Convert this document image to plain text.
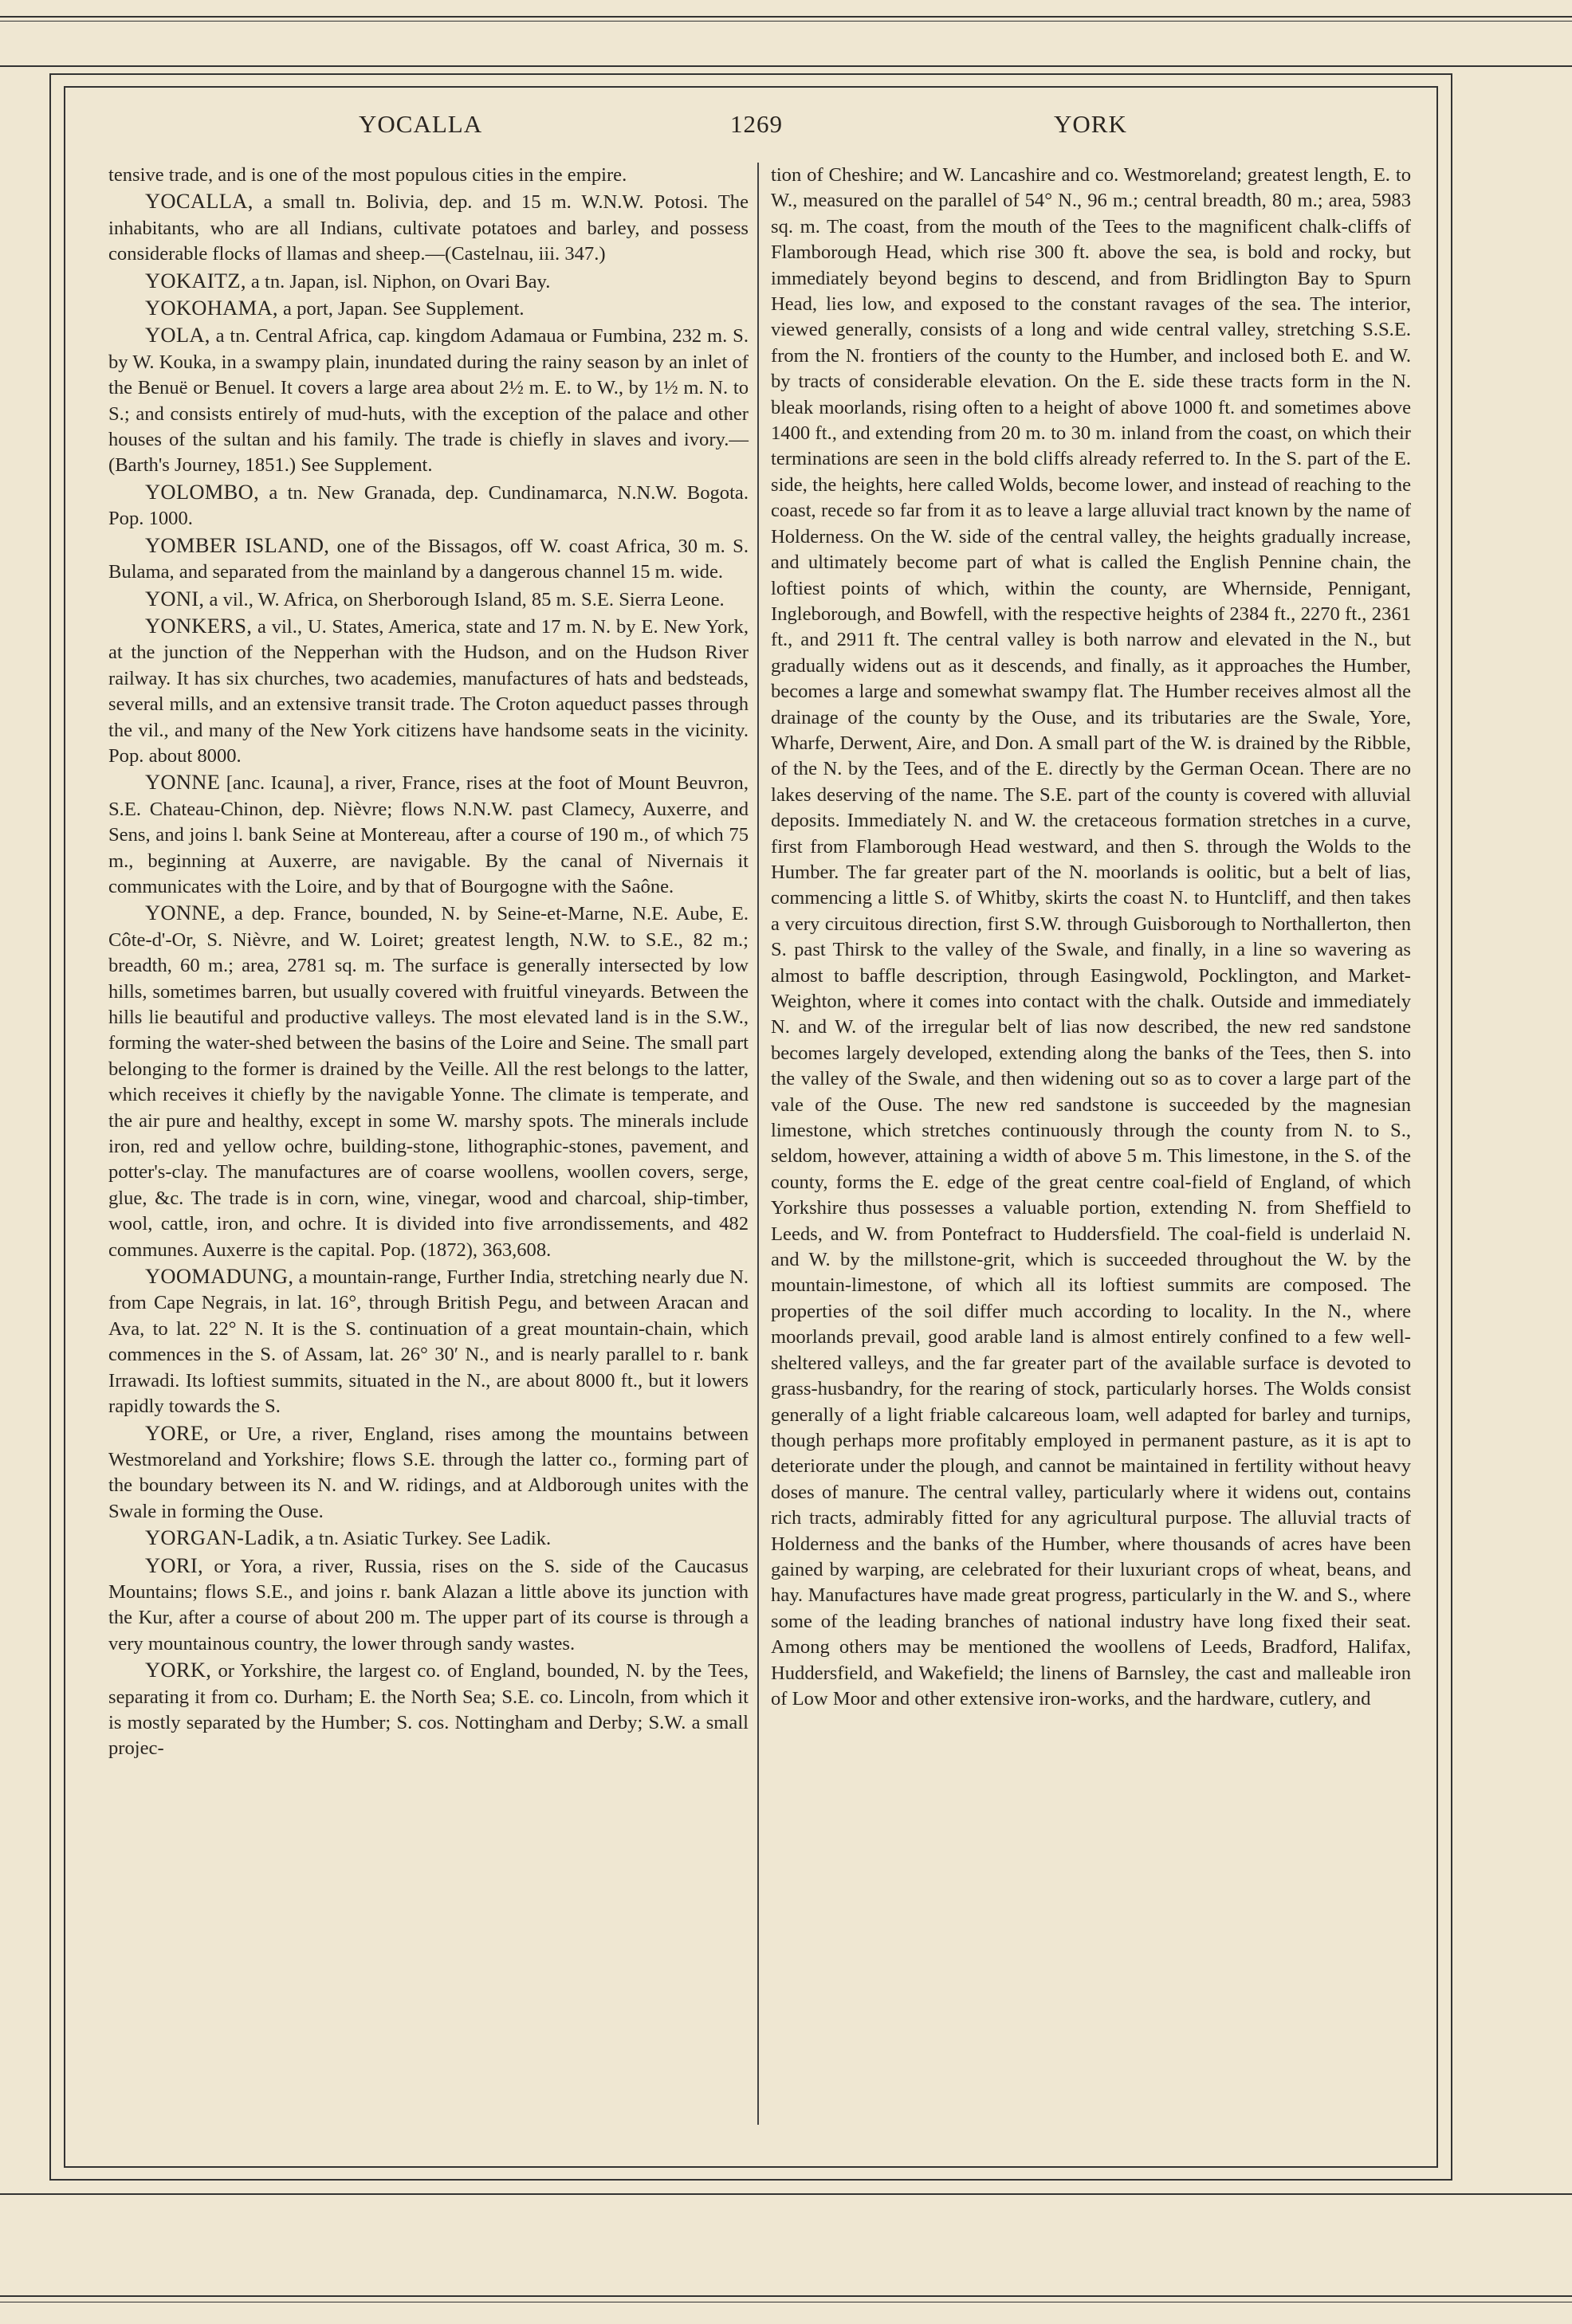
YOCALLA	1269	YORK

tensive trade, and is one of the most populous cities in the empire.

YOCALLA, a small tn. Bolivia, dep. and 15 m. W.N.W. Potosi. The inhabitants, who are all Indians, cultivate potatoes and barley, and possess considerable flocks of llamas and sheep.—(Castelnau, iii. 347.)

YOKAITZ, a tn. Japan, isl. Niphon, on Ovari Bay.

YOKOHAMA, a port, Japan. See Supplement.

YOLA, a tn. Central Africa, cap. kingdom Adamaua or Fumbina, 232 m. S. by W. Kouka, in a swampy plain, inundated during the rainy season by an inlet of the Benuë or Benuel. It covers a large area about 2½ m. E. to W., by 1½ m. N. to S.; and consists entirely of mud-huts, with the exception of the palace and other houses of the sultan and his family. The trade is chiefly in slaves and ivory.—(Barth's Journey, 1851.) See Supplement.

YOLOMBO, a tn. New Granada, dep. Cundinamarca, N.N.W. Bogota. Pop. 1000.

YOMBER ISLAND, one of the Bissagos, off W. coast Africa, 30 m. S. Bulama, and separated from the mainland by a dangerous channel 15 m. wide.

YONI, a vil., W. Africa, on Sherborough Island, 85 m. S.E. Sierra Leone.

YONKERS, a vil., U. States, America, state and 17 m. N. by E. New York, at the junction of the Nepperhan with the Hudson, and on the Hudson River railway. It has six churches, two academies, manufactures of hats and bedsteads, several mills, and an extensive transit trade. The Croton aqueduct passes through the vil., and many of the New York citizens have handsome seats in the vicinity. Pop. about 8000.

YONNE [anc. Icauna], a river, France, rises at the foot of Mount Beuvron, S.E. Chateau-Chinon, dep. Nièvre; flows N.N.W. past Clamecy, Auxerre, and Sens, and joins l. bank Seine at Montereau, after a course of 190 m., of which 75 m., beginning at Auxerre, are navigable. By the canal of Nivernais it communicates with the Loire, and by that of Bourgogne with the Saône.

YONNE, a dep. France, bounded, N. by Seine-et-Marne, N.E. Aube, E. Côte-d'-Or, S. Nièvre, and W. Loiret; greatest length, N.W. to S.E., 82 m.; breadth, 60 m.; area, 2781 sq. m. The surface is generally intersected by low hills, sometimes barren, but usually covered with fruitful vineyards. Between the hills lie beautiful and productive valleys. The most elevated land is in the S.W., forming the water-shed between the basins of the Loire and Seine. The small part belonging to the former is drained by the Veille. All the rest belongs to the latter, which receives it chiefly by the navigable Yonne. The climate is temperate, and the air pure and healthy, except in some W. marshy spots. The minerals include iron, red and yellow ochre, building-stone, lithographic-stones, pavement, and potter's-clay. The manufactures are of coarse woollens, woollen covers, serge, glue, &c. The trade is in corn, wine, vinegar, wood and charcoal, ship-timber, wool, cattle, iron, and ochre. It is divided into five arrondissements, and 482 communes. Auxerre is the capital. Pop. (1872), 363,608.

YOOMADUNG, a mountain-range, Further India, stretching nearly due N. from Cape Negrais, in lat. 16°, through British Pegu, and between Aracan and Ava, to lat. 22° N. It is the S. continuation of a great mountain-chain, which commences in the S. of Assam, lat. 26° 30′ N., and is nearly parallel to r. bank Irrawadi. Its loftiest summits, situated in the N., are about 8000 ft., but it lowers rapidly towards the S.

YORE, or Ure, a river, England, rises among the mountains between Westmoreland and Yorkshire; flows S.E. through the latter co., forming part of the boundary between its N. and W. ridings, and at Aldborough unites with the Swale in forming the Ouse.

YORGAN-Ladik, a tn. Asiatic Turkey. See Ladik.

YORI, or Yora, a river, Russia, rises on the S. side of the Caucasus Mountains; flows S.E., and joins r. bank Alazan a little above its junction with the Kur, after a course of about 200 m. The upper part of its course is through a very mountainous country, the lower through sandy wastes.

YORK, or Yorkshire, the largest co. of England, bounded, N. by the Tees, separating it from co. Durham; E. the North Sea; S.E. co. Lincoln, from which it is mostly separated by the Humber; S. cos. Nottingham and Derby; S.W. a small projec-

tion of Cheshire; and W. Lancashire and co. Westmoreland; greatest length, E. to W., measured on the parallel of 54° N., 96 m.; central breadth, 80 m.; area, 5983 sq. m. The coast, from the mouth of the Tees to the magnificent chalk-cliffs of Flamborough Head, which rise 300 ft. above the sea, is bold and rocky, but immediately beyond begins to descend, and from Bridlington Bay to Spurn Head, lies low, and exposed to the constant ravages of the sea. The interior, viewed generally, consists of a long and wide central valley, stretching S.S.E. from the N. frontiers of the county to the Humber, and inclosed both E. and W. by tracts of considerable elevation. On the E. side these tracts form in the N. bleak moorlands, rising often to a height of above 1000 ft. and sometimes above 1400 ft., and extending from 20 m. to 30 m. inland from the coast, on which their terminations are seen in the bold cliffs already referred to. In the S. part of the E. side, the heights, here called Wolds, become lower, and instead of reaching to the coast, recede so far from it as to leave a large alluvial tract known by the name of Holderness. On the W. side of the central valley, the heights gradually increase, and ultimately become part of what is called the English Pennine chain, the loftiest points of which, within the county, are Whernside, Pennigant, Ingleborough, and Bowfell, with the respective heights of 2384 ft., 2270 ft., 2361 ft., and 2911 ft. The central valley is both narrow and elevated in the N., but gradually widens out as it descends, and finally, as it approaches the Humber, becomes a large and somewhat swampy flat. The Humber receives almost all the drainage of the county by the Ouse, and its tributaries are the Swale, Yore, Wharfe, Derwent, Aire, and Don. A small part of the W. is drained by the Ribble, of the N. by the Tees, and of the E. directly by the German Ocean. There are no lakes deserving of the name. The S.E. part of the county is covered with alluvial deposits. Immediately N. and W. the cretaceous formation stretches in a curve, first from Flamborough Head westward, and then S. through the Wolds to the Humber. The far greater part of the N. moorlands is oolitic, but a belt of lias, commencing a little S. of Whitby, skirts the coast N. to Huntcliff, and then takes a very circuitous direction, first S.W. through Guisborough to Northallerton, then S. past Thirsk to the valley of the Swale, and finally, in a line so wavering as almost to baffle description, through Easingwold, Pocklington, and Market-Weighton, where it comes into contact with the chalk. Outside and immediately N. and W. of the irregular belt of lias now described, the new red sandstone becomes largely developed, extending along the banks of the Tees, then S. into the valley of the Swale, and then widening out so as to cover a large part of the vale of the Ouse. The new red sandstone is succeeded by the magnesian limestone, which stretches continuously through the county from N. to S., seldom, however, attaining a width of above 5 m. This limestone, in the S. of the county, forms the E. edge of the great centre coal-field of England, of which Yorkshire thus possesses a valuable portion, extending N. from Sheffield to Leeds, and W. from Pontefract to Huddersfield. The coal-field is underlaid N. and W. by the millstone-grit, which is succeeded throughout the W. by the mountain-limestone, of which all its loftiest summits are composed. The properties of the soil differ much according to locality. In the N., where moorlands prevail, good arable land is almost entirely confined to a few well-sheltered valleys, and the far greater part of the available surface is devoted to grass-husbandry, for the rearing of stock, particularly horses. The Wolds consist generally of a light friable calcareous loam, well adapted for barley and turnips, though perhaps more profitably employed in permanent pasture, as it is apt to deteriorate under the plough, and cannot be maintained in fertility without heavy doses of manure. The central valley, particularly where it widens out, contains rich tracts, admirably fitted for any agricultural purpose. The alluvial tracts of Holderness and the banks of the Humber, where thousands of acres have been gained by warping, are celebrated for their luxuriant crops of wheat, beans, and hay. Manufactures have made great progress, particularly in the W. and S., where some of the leading branches of national industry have long fixed their seat. Among others may be mentioned the woollens of Leeds, Bradford, Halifax, Huddersfield, and Wakefield; the linens of Barnsley, the cast and malleable iron of Low Moor and other extensive iron-works, and the hardware, cutlery, and
